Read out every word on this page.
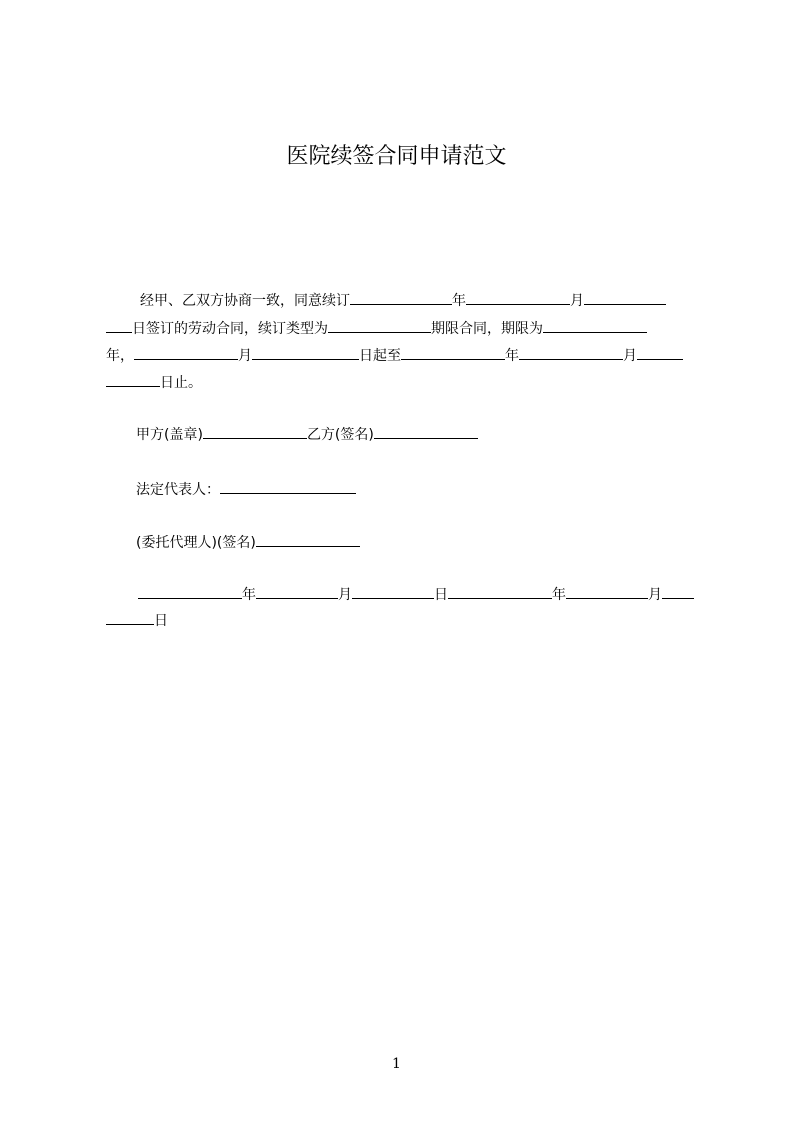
医院续签合同申请范文
经甲、乙双方协商一致，同意续订	年	月
日签订的劳动合同，续订类型为	期限合同，期限为
年，	月	日起至	年	月
日止。
甲方(盖章)	乙方(签名)
法定代表人：
(委托代理人)(签名)
年	月	日	年	月
日
1
